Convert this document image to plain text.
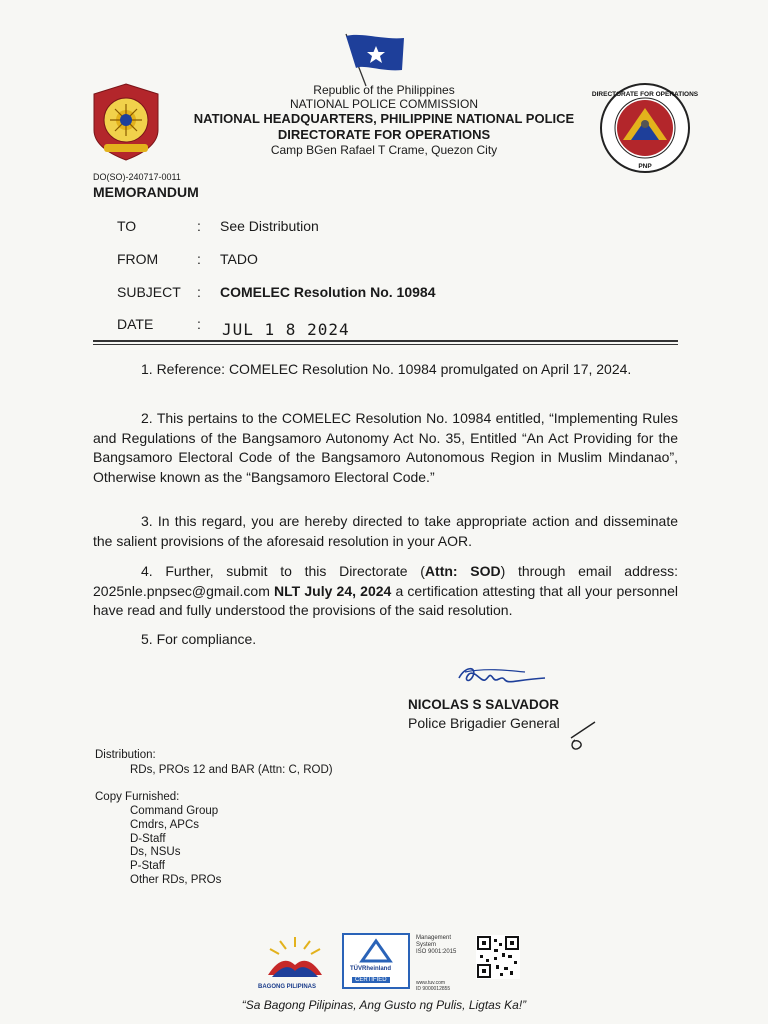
DIRECTORATE FOR OPERATIONS
PNP
Republic of the Philippines
NATIONAL POLICE COMMISSION
NATIONAL HEADQUARTERS, PHILIPPINE NATIONAL POLICE
DIRECTORATE FOR OPERATIONS
Camp BGen Rafael T Crame, Quezon City
DO(SO)-240717-0011
MEMORANDUM
TO	: See Distribution
FROM	: TADO
SUBJECT : COMELEC Resolution No. 10984
DATE	: JUL 1 8 2024
1. Reference: COMELEC Resolution No. 10984 promulgated on April 17, 2024.
2. This pertains to the COMELEC Resolution No. 10984 entitled, “Implementing Rules and Regulations of the Bangsamoro Autonomy Act No. 35, Entitled “An Act Providing for the Bangsamoro Electoral Code of the Bangsamoro Autonomous Region in Muslim Mindanao”, Otherwise known as the “Bangsamoro Electoral Code.”
3. In this regard, you are hereby directed to take appropriate action and disseminate the salient provisions of the aforesaid resolution in your AOR.
4. Further, submit to this Directorate (Attn: SOD) through email address: 2025nle.pnpsec@gmail.com NLT July 24, 2024 a certification attesting that all your personnel have read and fully understood the provisions of the said resolution.
5. For compliance.
NICOLAS S SALVADOR
Police Brigadier General
Distribution:
RDs, PROs 12 and BAR (Attn: C, ROD)
Copy Furnished:
Command Group
Cmdrs, APCs
D-Staff
Ds, NSUs
P-Staff
Other RDs, PROs
BAGONG PILIPINAS
TÜVRheinland
CERTIFIED
Management
System
ISO 9001:2015
www.tuv.com
ID 9000012855
“Sa Bagong Pilipinas, Ang Gusto ng Pulis, Ligtas Ka!”
